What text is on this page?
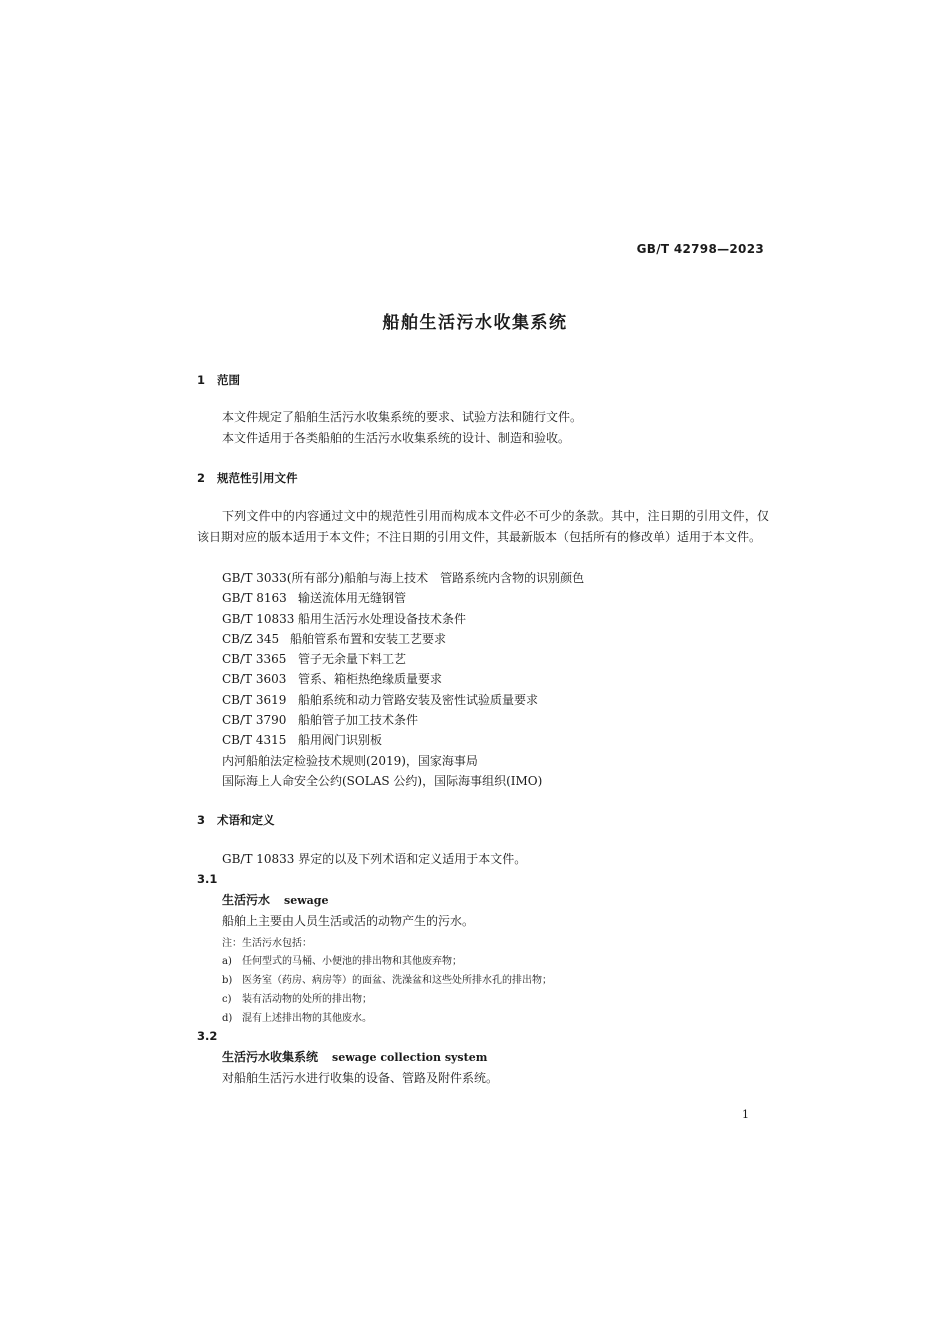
GB/T 42798—2023
船舶生活污水收集系统
1 范围
本文件规定了船舶生活污水收集系统的要求、试验方法和随行文件。
本文件适用于各类船舶的生活污水收集系统的设计、制造和验收。
2 规范性引用文件

下列文件中的内容通过文中的规范性引用而构成本文件必不可少的条款。其中，注日期的引用文件，仅该日期对应的版本适用于本文件；不注日期的引用文件，其最新版本（包括所有的修改单）适用于本文件。

GB/T 3033(所有部分)船舶与海上技术　管路系统内含物的识别颜色
GB/T 8163 输送流体用无缝钢管
GB/T 10833 船用生活污水处理设备技术条件
CB/Z 345 船舶管系布置和安装工艺要求
CB/T 3365 管子无余量下料工艺
CB/T 3603 管系、箱柜热绝缘质量要求
CB/T 3619 船舶系统和动力管路安装及密性试验质量要求
CB/T 3790 船舶管子加工技术条件
CB/T 4315 船用阀门识别板
内河船舶法定检验技术规则(2019)，国家海事局
国际海上人命安全公约(SOLAS 公约)，国际海事组织(IMO)
3 术语和定义
GB/T 10833 界定的以及下列术语和定义适用于本文件。
3.1
生活污水 sewage
船舶上主要由人员生活或活的动物产生的污水。
注：生活污水包括：
a) 任何型式的马桶、小便池的排出物和其他废弃物；
b) 医务室（药房、病房等）的面盆、洗澡盆和这些处所排水孔的排出物；
c) 装有活动物的处所的排出物；
d) 混有上述排出物的其他废水。
3.2
生活污水收集系统 sewage collection system
对船舶生活污水进行收集的设备、管路及附件系统。
1
